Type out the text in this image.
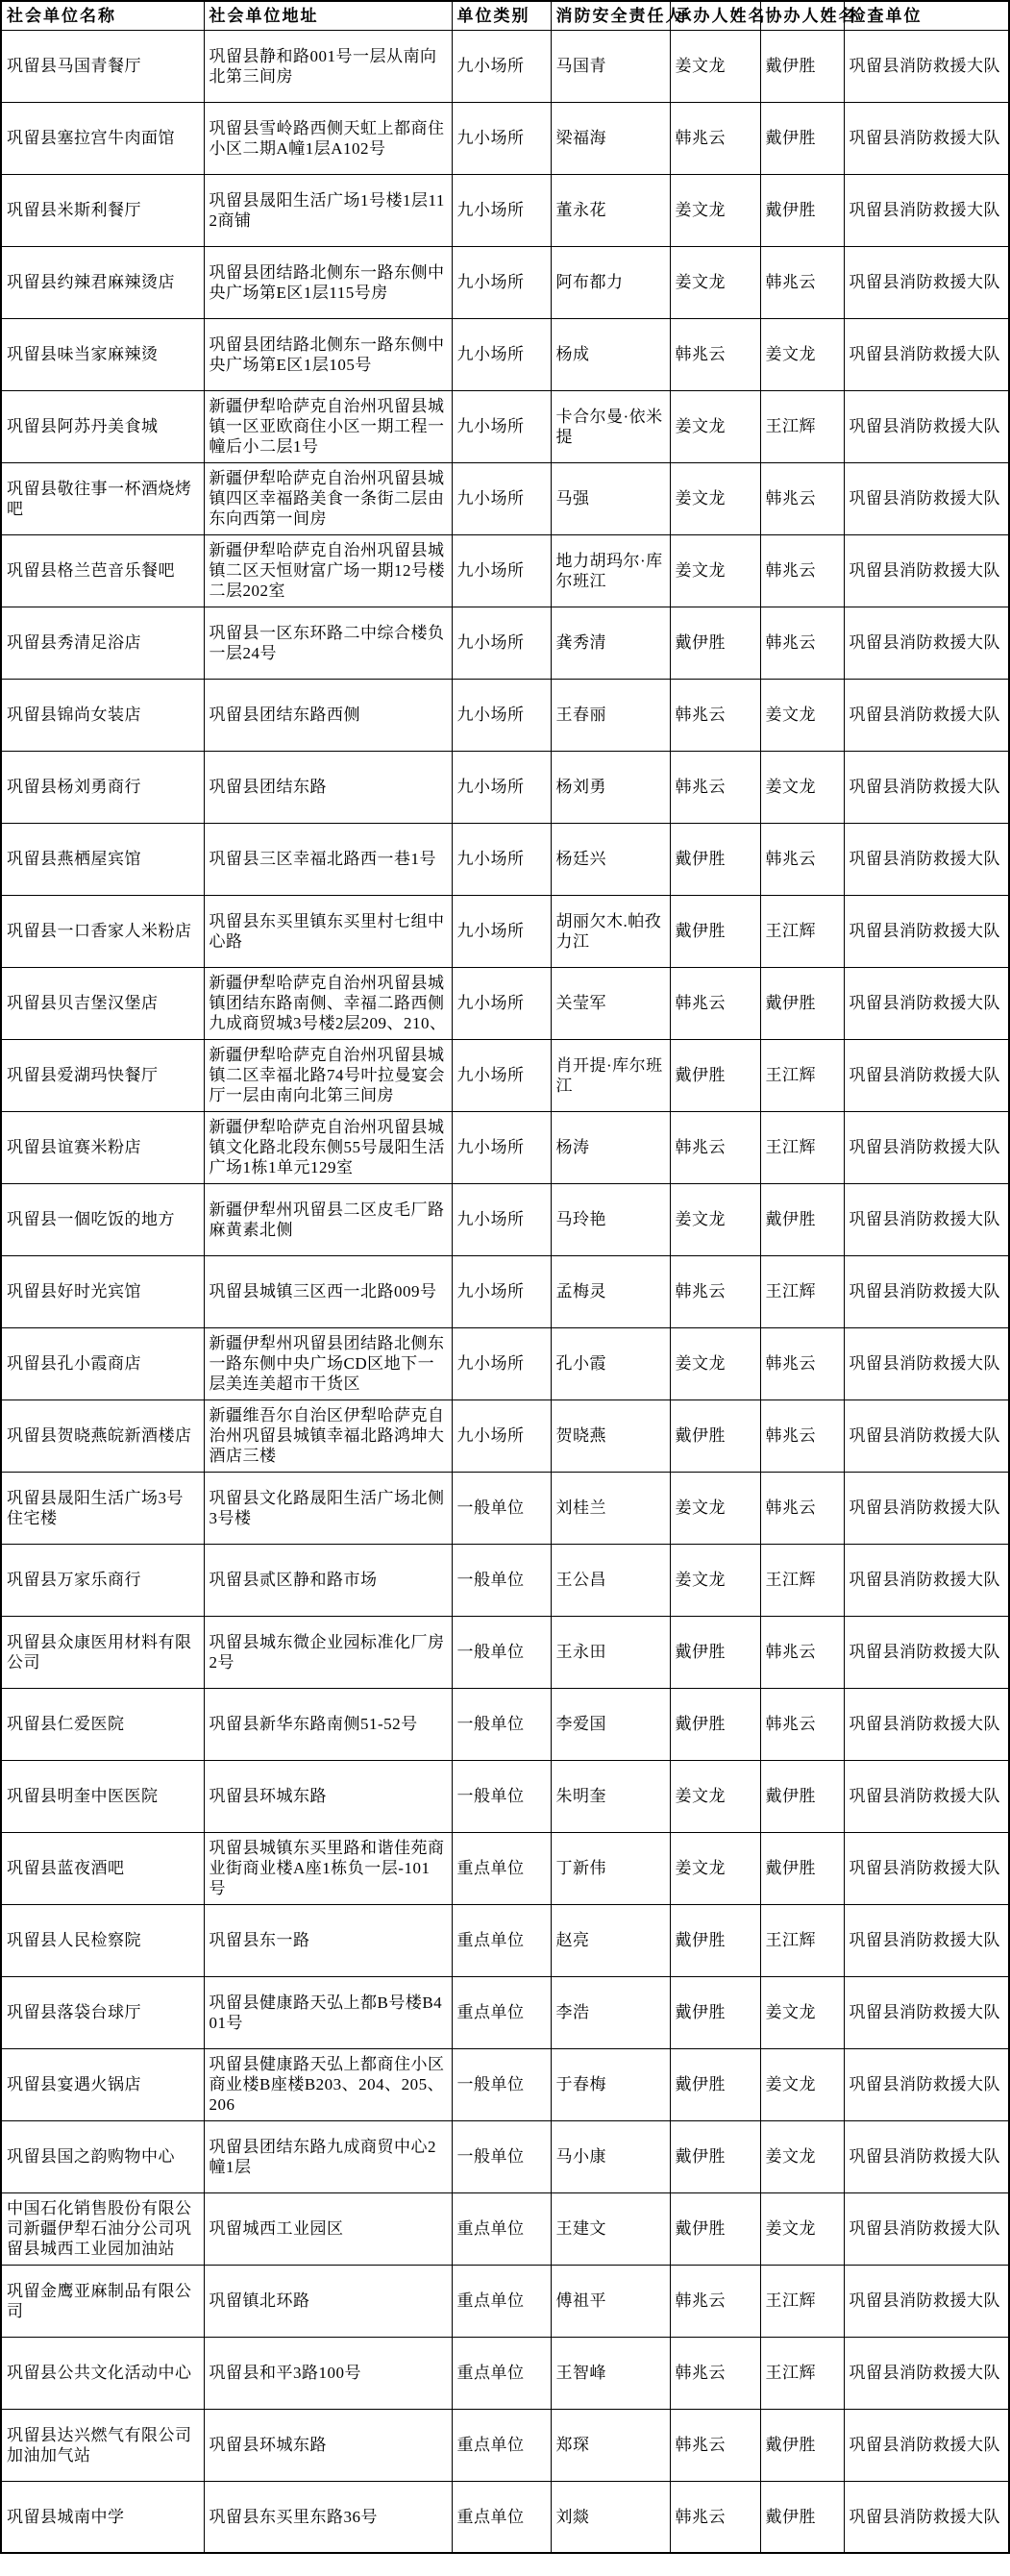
社会单位名称	社会单位地址	单位类别	消防安全责任人	承办人姓名	协办人姓名	检查单位
巩留县马国青餐厅	巩留县静和路001号一层从南向北第三间房	九小场所	马国青	姜文龙	戴伊胜	巩留县消防救援大队
巩留县塞拉宫牛肉面馆	巩留县雪岭路西侧天虹上都商住小区二期A幢1层A102号	九小场所	梁福海	韩兆云	戴伊胜	巩留县消防救援大队
巩留县米斯利餐厅	巩留县晟阳生活广场1号楼1层112商铺	九小场所	董永花	姜文龙	戴伊胜	巩留县消防救援大队
巩留县约辣君麻辣烫店	巩留县团结路北侧东一路东侧中央广场第E区1层115号房	九小场所	阿布都力	姜文龙	韩兆云	巩留县消防救援大队
巩留县味当家麻辣烫	巩留县团结路北侧东一路东侧中央广场第E区1层105号	九小场所	杨成	韩兆云	姜文龙	巩留县消防救援大队
巩留县阿苏丹美食城	新疆伊犁哈萨克自治州巩留县城镇一区亚欧商住小区一期工程一幢后小二层1号	九小场所	卡合尔曼·依米提	姜文龙	王江辉	巩留县消防救援大队
巩留县敬往事一杯酒烧烤吧	新疆伊犁哈萨克自治州巩留县城镇四区幸福路美食一条街二层由东向西第一间房	九小场所	马强	姜文龙	韩兆云	巩留县消防救援大队
巩留县格兰芭音乐餐吧	新疆伊犁哈萨克自治州巩留县城镇二区天恒财富广场一期12号楼二层202室	九小场所	地力胡玛尔·库尔班江	姜文龙	韩兆云	巩留县消防救援大队
巩留县秀清足浴店	巩留县一区东环路二中综合楼负一层24号	九小场所	龚秀清	戴伊胜	韩兆云	巩留县消防救援大队
巩留县锦尚女装店	巩留县团结东路西侧	九小场所	王春丽	韩兆云	姜文龙	巩留县消防救援大队
巩留县杨刘勇商行	巩留县团结东路	九小场所	杨刘勇	韩兆云	姜文龙	巩留县消防救援大队
巩留县燕栖屋宾馆	巩留县三区幸福北路西一巷1号	九小场所	杨廷兴	戴伊胜	韩兆云	巩留县消防救援大队
巩留县一口香家人米粉店	巩留县东买里镇东买里村七组中心路	九小场所	胡丽欠木.帕孜力江	戴伊胜	王江辉	巩留县消防救援大队
巩留县贝吉堡汉堡店	新疆伊犁哈萨克自治州巩留县城镇团结东路南侧、幸福二路西侧九成商贸城3号楼2层209、210、	九小场所	关莹军	韩兆云	戴伊胜	巩留县消防救援大队
巩留县爱湖玛快餐厅	新疆伊犁哈萨克自治州巩留县城镇二区幸福北路74号叶拉曼宴会厅一层由南向北第三间房	九小场所	肖开提·库尔班江	戴伊胜	王江辉	巩留县消防救援大队
巩留县谊赛米粉店	新疆伊犁哈萨克自治州巩留县城镇文化路北段东侧55号晟阳生活广场1栋1单元129室	九小场所	杨涛	韩兆云	王江辉	巩留县消防救援大队
巩留县一個吃饭的地方	新疆伊犁州巩留县二区皮毛厂路麻黄素北侧	九小场所	马玲艳	姜文龙	戴伊胜	巩留县消防救援大队
巩留县好时光宾馆	巩留县城镇三区西一北路009号	九小场所	孟梅灵	韩兆云	王江辉	巩留县消防救援大队
巩留县孔小霞商店	新疆伊犁州巩留县团结路北侧东一路东侧中央广场CD区地下一层美连美超市干货区	九小场所	孔小霞	姜文龙	韩兆云	巩留县消防救援大队
巩留县贺晓燕皖新酒楼店	新疆维吾尔自治区伊犁哈萨克自治州巩留县城镇幸福北路鸿坤大酒店三楼	九小场所	贺晓燕	戴伊胜	韩兆云	巩留县消防救援大队
巩留县晟阳生活广场3号住宅楼	巩留县文化路晟阳生活广场北侧3号楼	一般单位	刘桂兰	姜文龙	韩兆云	巩留县消防救援大队
巩留县万家乐商行	巩留县贰区静和路市场	一般单位	王公昌	姜文龙	王江辉	巩留县消防救援大队
巩留县众康医用材料有限公司	巩留县城东微企业园标准化厂房2号	一般单位	王永田	戴伊胜	韩兆云	巩留县消防救援大队
巩留县仁爱医院	巩留县新华东路南侧51-52号	一般单位	李爱国	戴伊胜	韩兆云	巩留县消防救援大队
巩留县明奎中医医院	巩留县环城东路	一般单位	朱明奎	姜文龙	戴伊胜	巩留县消防救援大队
巩留县蓝夜酒吧	巩留县城镇东买里路和谐佳苑商业街商业楼A座1栋负一层-101号	重点单位	丁新伟	姜文龙	戴伊胜	巩留县消防救援大队
巩留县人民检察院	巩留县东一路	重点单位	赵亮	戴伊胜	王江辉	巩留县消防救援大队
巩留县落袋台球厅	巩留县健康路天弘上都B号楼B401号	重点单位	李浩	戴伊胜	姜文龙	巩留县消防救援大队
巩留县宴遇火锅店	巩留县健康路天弘上都商住小区商业楼B座楼B203、204、205、206	一般单位	于春梅	戴伊胜	姜文龙	巩留县消防救援大队
巩留县国之韵购物中心	巩留县团结东路九成商贸中心2幢1层	一般单位	马小康	戴伊胜	姜文龙	巩留县消防救援大队
中国石化销售股份有限公司新疆伊犁石油分公司巩留县城西工业园加油站	巩留城西工业园区	重点单位	王建文	戴伊胜	姜文龙	巩留县消防救援大队
巩留金鹰亚麻制品有限公司	巩留镇北环路	重点单位	傅祖平	韩兆云	王江辉	巩留县消防救援大队
巩留县公共文化活动中心	巩留县和平3路100号	重点单位	王智峰	韩兆云	王江辉	巩留县消防救援大队
巩留县达兴燃气有限公司加油加气站	巩留县环城东路	重点单位	郑琛	韩兆云	戴伊胜	巩留县消防救援大队
巩留县城南中学	巩留县东买里东路36号	重点单位	刘燚	韩兆云	戴伊胜	巩留县消防救援大队
